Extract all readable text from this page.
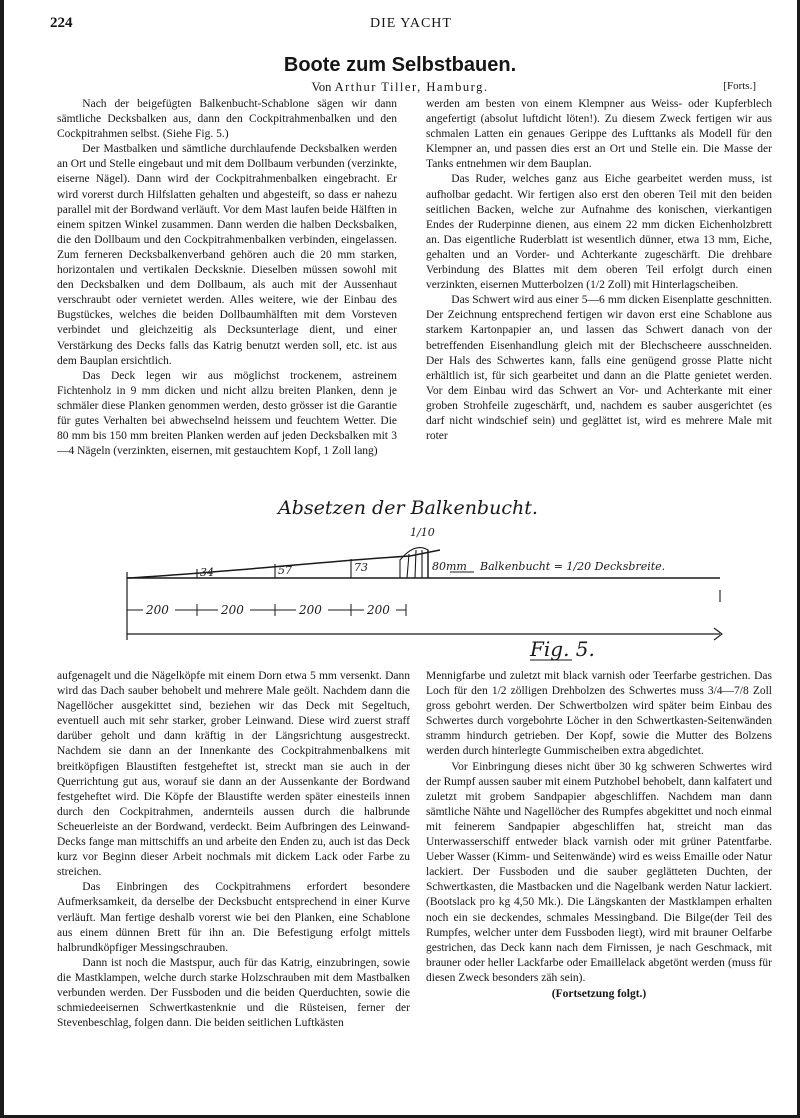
224	DIE YACHT
Boote zum Selbstbauen.
Von Arthur Tiller, Hamburg.	[Forts.]

Nach der beigefügten Balkenbucht-Schablone sägen wir dann sämtliche Decksbalken aus, dann den Cockpitrahmenbalken und den Cockpitrahmen selbst. (Siehe Fig. 5.)

Der Mastbalken und sämtliche durchlaufende Decksbalken werden an Ort und Stelle eingebaut und mit dem Dollbaum verbunden (verzinkte, eiserne Nägel). Dann wird der Cockpitrahmenbalken eingebracht. Er wird vorerst durch Hilfslatten gehalten und abgesteift, so dass er nahezu parallel mit der Bordwand verläuft. Vor dem Mast laufen beide Hälften in einem spitzen Winkel zusammen. Dann werden die halben Decksbalken, die den Dollbaum und den Cockpitrahmenbalken verbinden, eingelassen. Zum ferneren Decksbalkenverband gehören auch die 20 mm starken, horizontalen und vertikalen Deckskniе. Dieselben müssen sowohl mit den Decksbalken und dem Dollbaum, als auch mit der Aussenhaut verschraubt oder vernietet werden. Alles weitere, wie der Einbau des Bugstückes, welches die beiden Dollbaumhälften mit dem Vorsteven verbindet und gleichzeitig als Decksunterlage dient, und einer Verstärkung des Decks falls das Katrig benutzt werden soll, etc. ist aus dem Bauplan ersichtlich.

Das Deck legen wir aus möglichst trockenem, astreinem Fichtenholz in 9 mm dicken und nicht allzu breiten Planken, denn je schmäler diese Planken genommen werden, desto grösser ist die Garantie für gutes Verhalten bei abwechselnd heissem und feuchtem Wetter. Die 80 mm bis 150 mm breiten Planken werden auf jeden Decksbalken mit 3—4 Nägeln (verzinkten, eisernen, mit gestauchtem Kopf, 1 Zoll lang)

werden am besten von einem Klempner aus Weiss- oder Kupferblech angefertigt (absolut luftdicht löten!). Zu diesem Zweck fertigen wir aus schmalen Latten ein genaues Gerippe des Lufttanks als Modell für den Klempner an, und passen dies erst an Ort und Stelle ein. Die Masse der Tanks entnehmen wir dem Bauplan.

Das Ruder, welches ganz aus Eiche gearbeitet werden muss, ist aufholbar gedacht. Wir fertigen also erst den oberen Teil mit den beiden seitlichen Backen, welche zur Aufnahme des konischen, vierkantigen Endes der Ruderpinne dienen, aus einem 22 mm dicken Eichenholzbrett an. Das eigentliche Ruderblatt ist wesentlich dünner, etwa 13 mm, Eiche, gehalten und an Vorder- und Achterkante zugeschärft. Die drehbare Verbindung des Blattes mit dem oberen Teil erfolgt durch einen verzinkten, eisernen Mutterbolzen (1/2 Zoll) mit Hinterlagscheiben.

Das Schwert wird aus einer 5—6 mm dicken Eisenplatte geschnitten. Der Zeichnung entsprechend fertigen wir davon erst eine Schablone aus starkem Kartonpapier an, und lassen das Schwert danach von der betreffenden Eisenhandlung gleich mit der Blechscheere ausschneiden. Der Hals des Schwertes kann, falls eine genügend grosse Platte nicht erhältlich ist, für sich gearbeitet und dann an die Platte genietet werden. Vor dem Einbau wird das Schwert an Vor- und Achterkante mit einer groben Strohfeile zugeschärft, und, nachdem es sauber ausgerichtet (es darf nicht windschief sein) und geglättet ist, wird es mehrere Male mit roter

Absetzen der Balkenbucht.
1/10
34	57	73	80mm Balkenbucht = 1/20 Decksbreite.
200	200	200	200
Fig. 5.

aufgenagelt und die Nägelköpfe mit einem Dorn etwa 5 mm versenkt. Dann wird das Dach sauber behobelt und mehrere Male geölt. Nachdem dann die Nagellöcher ausgekittet sind, beziehen wir das Deck mit Segeltuch, eventuell auch mit sehr starker, grober Leinwand. Diese wird zuerst straff darüber geholt und dann kräftig in der Längsrichtung ausgestreckt. Nachdem sie dann an der Innenkante des Cockpitrahmenbalkens mit breitköpfigen Blaustiften festgeheftet ist, streckt man sie auch in der Querrichtung gut aus, worauf sie dann an der Aussenkante der Bordwand festgeheftet wird. Die Köpfe der Blaustifte werden später einesteils innen durch den Cockpitrahmen, anderntеils aussen durch die halbrunde Scheuerleiste an der Bordwand, verdeckt. Beim Aufbringen des Leinwand-Decks fange man mittschiffs an und arbeite den Enden zu, auch ist das Deck kurz vor Beginn dieser Arbeit nochmals mit dickem Lack oder Farbe zu streichen.

Das Einbringen des Cockpitrahmens erfordert besondere Aufmerksamkeit, da derselbe der Decksbucht entsprechend in einer Kurve verläuft. Man fertige deshalb vorerst wie bei den Planken, eine Schablone aus einem dünnen Brett für ihn an. Die Befestigung erfolgt mittels halbrundköpfiger Messingschrauben.

Dann ist noch die Mastspur, auch für das Katrig, einzubringen, sowie die Mastklampen, welche durch starke Holzschrauben mit dem Mastbalken verbunden werden. Der Fussboden und die beiden Querduchten, sowie die schmiedeeisernen Schwertkastenknie und die Rüsteisen, ferner der Stevenbeschlag, folgen dann. Die beiden seitlichen Luftkästen

Mennigfarbe und zuletzt mit black varnish oder Teerfarbe gestrichen. Das Loch für den 1/2 zölligen Drehbolzen des Schwertes muss 3/4—7/8 Zoll gross gebohrt werden. Der Schwertbolzen wird später beim Einbau des Schwertes durch vorgebohrte Löcher in den Schwertkasten-Seitenwänden stramm hindurch getrieben. Der Kopf, sowie die Mutter des Bolzens werden durch hinterlegte Gummischeiben extra abgedichtet.

Vor Einbringung dieses nicht über 30 kg schweren Schwertes wird der Rumpf aussen sauber mit einem Putzhobel behobelt, dann kalfatert und zuletzt mit grobem Sandpapier abgeschliffen. Nachdem man dann sämtliche Nähte und Nagellöcher des Rumpfes abgekittet und noch einmal mit feinerem Sandpapier abgeschliffen hat, streicht man das Unterwasserschiff entweder black varnish oder mit grüner Patentfarbe. Ueber Wasser (Kimm- und Seitenwände) wird es weiss Emaille oder Natur lackiert. Der Fussboden und die sauber geglätteten Duchten, der Schwertkasten, die Mastbacken und die Nagelbank werden Natur lackiert. (Bootslack pro kg 4,50 Mk.). Die Längskanten der Mastklampen erhalten noch ein sie deckendes, schmales Messingband. Die Bilge(der Teil des Rumpfes, welcher unter dem Fussboden liegt), wird mit brauner Oelfarbe gestrichen, das Deck kann nach dem Firnissen, je nach Geschmack, mit brauner oder heller Lackfarbe oder Emaillelack abgetönt werden (muss für diesen Zweck besonders zäh sein).

(Fortsetzung folgt.)
